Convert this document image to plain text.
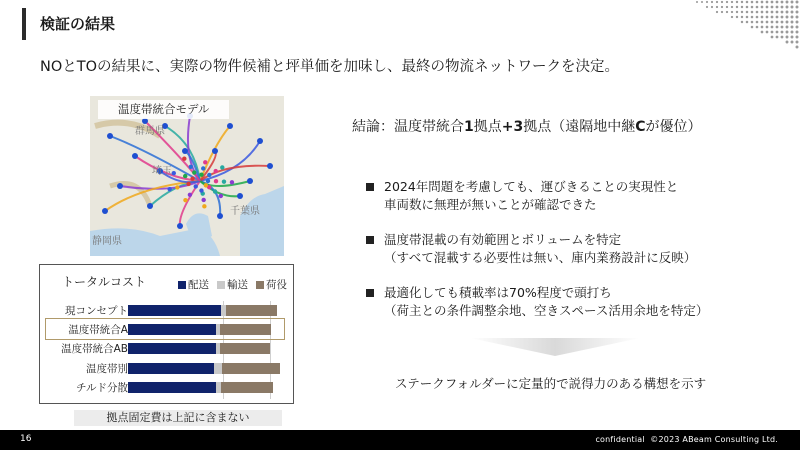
検証の結果
NOとTOの結果に、実際の物件候補と坪単価を加味し、最終の物流ネットワークを決定。
群馬県
埼玉
千葉県
静岡県
温度帯統合モデル
トータルコスト	配送 輸送 荷役
現コンセプト
温度帯統合A
温度帯統合AB
温度帯別
チルド分散
拠点固定費は上記に含まない
結論：温度帯統合1拠点+3拠点（遠隔地中継Cが優位）
2024年問題を考慮しても、運びきることの実現性と
車両数に無理が無いことが確認できた
温度帯混載の有効範囲とボリュームを特定
（すべて混載する必要性は無い、庫内業務設計に反映）
最適化しても積載率は70%程度で頭打ち
（荷主との条件調整余地、空きスペース活用余地を特定）
ステークフォルダーに定量的で説得力のある構想を示す
16	confidential ©2023 ABeam Consulting Ltd.
